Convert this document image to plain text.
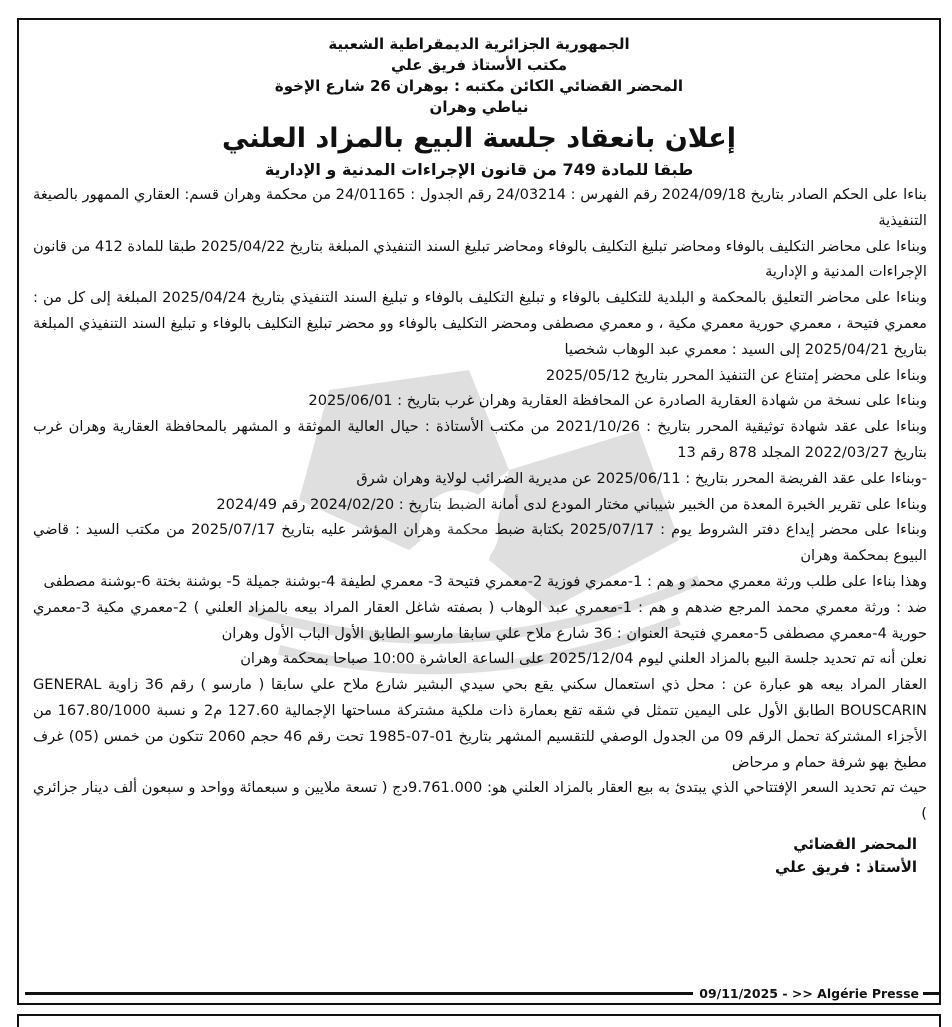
الجمهورية الجزائرية الديمقراطية الشعبية
مكتب الأستاذ فريق علي
المحضر القضائي الكائن مكتبه : بوهران 26 شارع الإخوة
نياطي وهران
إعلان بانعقاد جلسة البيع بالمزاد العلني
طبقا للمادة 749 من قانون الإجراءات المدنية و الإدارية

بناءا على الحكم الصادر بتاريخ 2024/09/18 رقم الفهرس : 24/03214 رقم الجدول : 24/01165 من محكمة وهران قسم: العقاري الممهور بالصيغة التنفيذية

وبناءا على محاضر التكليف بالوفاء ومحاضر تبليغ التكليف بالوفاء ومحاضر تبليغ السند التنفيذي المبلغة بتاريخ 2025/04/22 طبقا للمادة 412 من قانون الإجراءات المدنية و الإدارية

وبناءا على محاضر التعليق بالمحكمة و البلدية للتكليف بالوفاء و تبليغ التكليف بالوفاء و تبليغ السند التنفيذي بتاريخ 2025/04/24 المبلغة إلى كل من : معمري فتيحة ، معمري حورية معمري مكية ، و معمري مصطفى ومحضر التكليف بالوفاء وو محضر تبليغ التكليف بالوفاء و تبليغ السند التنفيذي المبلغة بتاريخ 2025/04/21 إلى السيد : معمري عبد الوهاب شخصيا

وبناءا على محضر إمتناع عن التنفيذ المحرر بتاريخ 2025/05/12

وبناءا على نسخة من شهادة العقارية الصادرة عن المحافظة العقارية وهران غرب بتاريخ : 2025/06/01

وبناءا على عقد شهادة توثيقية المحرر بتاريخ : 2021/10/26 من مكتب الأستاذة : حيال العالية الموثقة و المشهر بالمحافظة العقارية وهران غرب بتاريخ 2022/03/27 المجلد 878 رقم 13

-وبناءا على عقد الفريضة المحرر بتاريخ : 2025/06/11 عن مديرية الضرائب لولاية وهران شرق

وبناءا على تقرير الخبرة المعدة من الخبير شيباني مختار المودع لدى أمانة الضبط بتاريخ : 2024/02/20 رقم 2024/49

وبناءا على محضر إيداع دفتر الشروط يوم : 2025/07/17 بكتابة ضبط محكمة وهران المؤشر عليه بتاريخ 2025/07/17 من مكتب السيد : قاضي البيوع بمحكمة وهران

وهذا بناءا على طلب ورثة معمري محمد و هم : 1-معمري فوزية 2-معمري فتيحة 3- معمري لطيفة 4-بوشنة جميلة 5- بوشنة بختة 6-بوشنة مصطفى

ضد : ورثة معمري محمد المرجع ضدهم و هم : 1-معمري عبد الوهاب ( بصفته شاغل العقار المراد بيعه بالمزاد العلني ) 2-معمري مكية 3-معمري حورية 4-معمري مصطفى 5-معمري فتيحة العنوان : 36 شارع ملاح علي سابقا مارسو الطابق الأول الباب الأول وهران

نعلن أنه تم تحديد جلسة البيع بالمزاد العلني ليوم 2025/12/04 على الساعة العاشرة 10:00 صباحا بمحكمة وهران

العقار المراد بيعه هو عبارة عن : محل ذي استعمال سكني يقع بحي سيدي البشير شارع ملاح علي سابقا ( مارسو ) رقم 36 زاوية GENERAL BOUSCARIN الطابق الأول على اليمين تتمثل في شقه تقع بعمارة ذات ملكية مشتركة مساحتها الإجمالية 127.60 م2 و نسبة 167.80/1000 من الأجزاء المشتركة تحمل الرقم 09 من الجدول الوصفي للتقسيم المشهر بتاريخ 01-07-1985 تحت رقم 46 حجم 2060 تتكون من خمس (05) غرف مطبخ بهو شرفة حمام و مرحاض

حيث تم تحديد السعر الإفتتاحي الذي يبتدئ به بيع العقار بالمزاد العلني هو: 9.761.000دج ( تسعة ملايين و سبعمائة وواحد و سبعون ألف دينار جزائري )

المحضر القضائي
الأستاذ : فريق علي
09/11/2025 - >> Algérie Presse
